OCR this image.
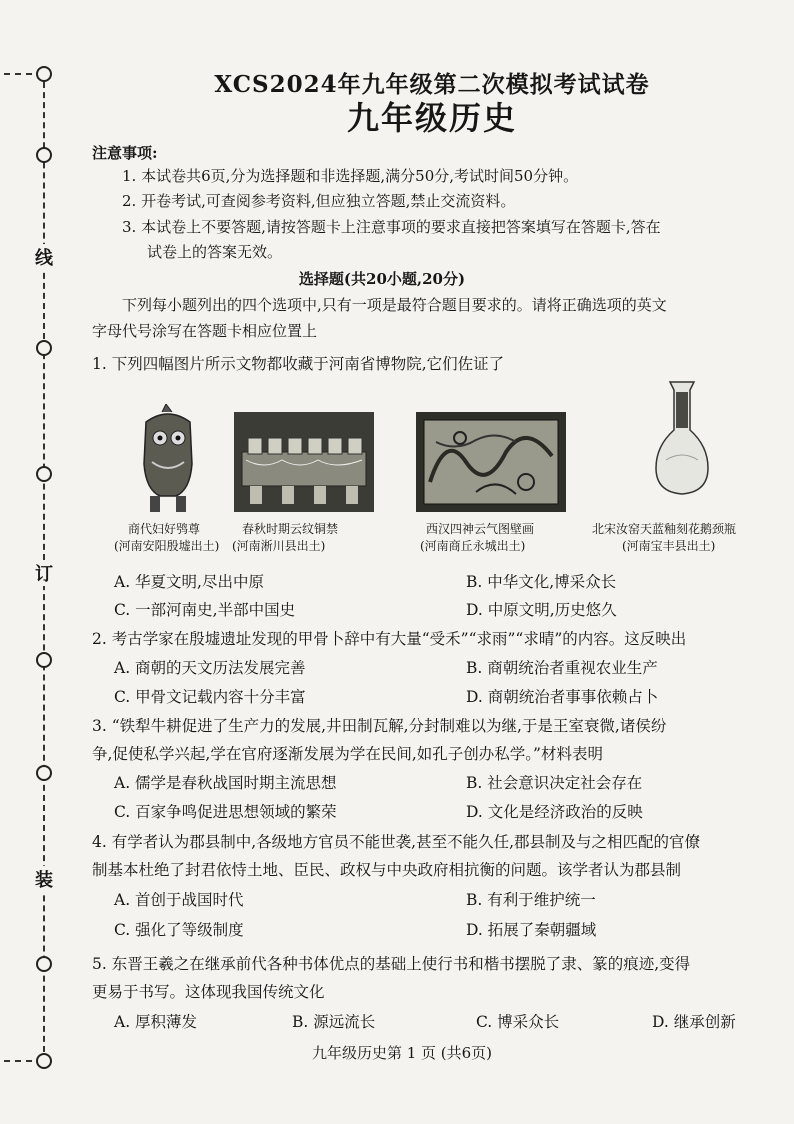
线
订
装
XCS2024年九年级第二次模拟考试试卷
九年级历史
注意事项:
1. 本试卷共6页,分为选择题和非选择题,满分50分,考试时间50分钟。
2. 开卷考试,可查阅参考资料,但应独立答题,禁止交流资料。
3. 本试卷上不要答题,请按答题卡上注意事项的要求直接把答案填写在答题卡,答在
试卷上的答案无效。
选择题(共20小题,20分)
下列每小题列出的四个选项中,只有一项是最符合题目要求的。请将正确选项的英文
字母代号涂写在答题卡相应位置上
1. 下列四幅图片所示文物都收藏于河南省博物院,它们佐证了
商代妇好鸮尊
(河南安阳殷墟出土)
春秋时期云纹铜禁
(河南淅川县出土)
西汉四神云气图壁画
(河南商丘永城出土)
北宋汝窑天蓝釉刻花鹅颈瓶
(河南宝丰县出土)
A. 华夏文明,尽出中原	B. 中华文化,博采众长
C. 一部河南史,半部中国史	D. 中原文明,历史悠久
2. 考古学家在殷墟遗址发现的甲骨卜辞中有大量“受禾”“求雨”“求晴”的内容。这反映出
A. 商朝的天文历法发展完善	B. 商朝统治者重视农业生产
C. 甲骨文记载内容十分丰富	D. 商朝统治者事事依赖占卜
3. “铁犁牛耕促进了生产力的发展,井田制瓦解,分封制难以为继,于是王室衰微,诸侯纷
争,促使私学兴起,学在官府逐渐发展为学在民间,如孔子创办私学。”材料表明
A. 儒学是春秋战国时期主流思想	B. 社会意识决定社会存在
C. 百家争鸣促进思想领域的繁荣	D. 文化是经济政治的反映
4. 有学者认为郡县制中,各级地方官员不能世袭,甚至不能久任,郡县制及与之相匹配的官僚
制基本杜绝了封君依恃土地、臣民、政权与中央政府相抗衡的问题。该学者认为郡县制
A. 首创于战国时代	B. 有利于维护统一
C. 强化了等级制度	D. 拓展了秦朝疆域
5. 东晋王羲之在继承前代各种书体优点的基础上使行书和楷书摆脱了隶、篆的痕迹,变得
更易于书写。这体现我国传统文化
A. 厚积薄发	B. 源远流长	C. 博采众长	D. 继承创新
九年级历史第 1 页 (共6页)
